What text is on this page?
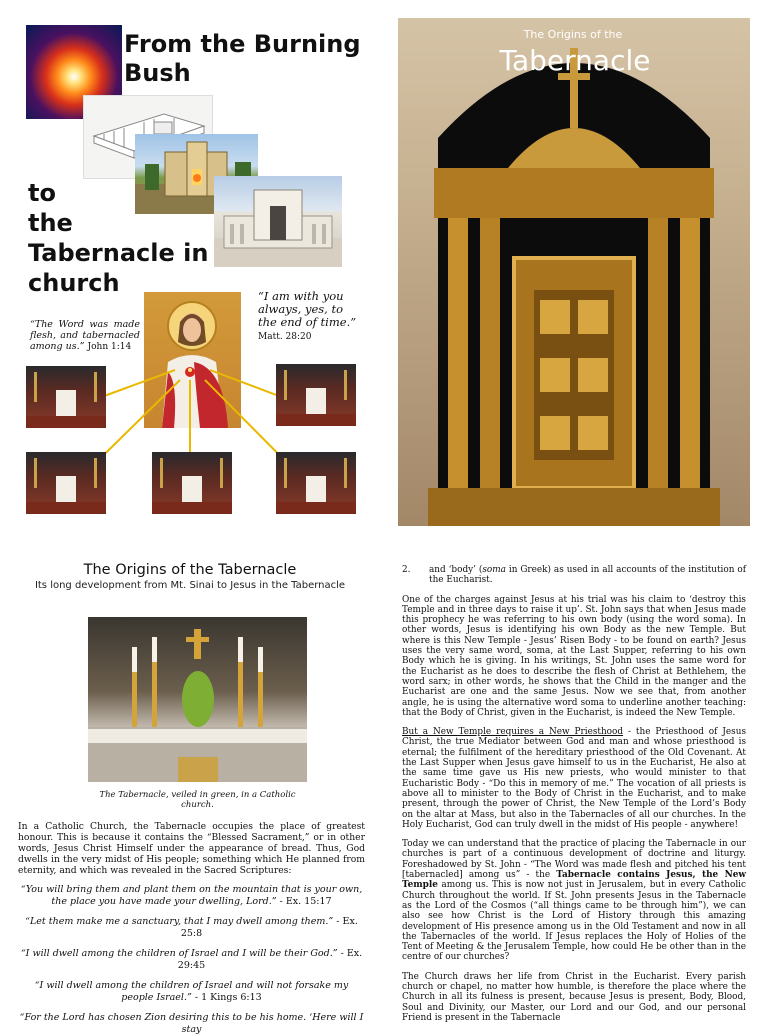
From the Burning
Bush
to
the
Tabernacle in
church	“I am with you always, yes, to the end of time.” Matt. 28:20
“The Word was made flesh, and tabernacled among us.” John 1:14
The Origins of the
Tabernacle
The Origins of the Tabernacle
Its long development from Mt. Sinai to Jesus in the Tabernacle
The Tabernacle, veiled in green, in a Catholic church.

In a Catholic Church, the Tabernacle occupies the place of greatest honour. This is because it contains the “Blessed Sacrament,” or in other words, Jesus Christ Himself under the appearance of bread. Thus, God dwells in the very midst of His people; something which He planned from eternity, and which was revealed in the Sacred Scriptures:

“You will bring them and plant them on the mountain that is your own, the place you have made your dwelling, Lord.” - Ex. 15:17

“Let them make me a sanctuary, that I may dwell among them.” - Ex. 25:8

“I will dwell among the children of Israel and I will be their God.” - Ex. 29:45

“I will dwell among the children of Israel and will not forsake my people Israel.” - 1 Kings 6:13

“For the Lord has chosen Zion desiring this to be his home. ‘Here will I stay

2.	and ‘body’ (soma in Greek) as used in all accounts of the institution of the Eucharist.

One of the charges against Jesus at his trial was his claim to ‘destroy this Temple and in three days to raise it up’. St. John says that when Jesus made this prophecy he was referring to his own body (using the word soma). In other words, Jesus is identifying his own Body as the new Temple. But where is this New Temple - Jesus’ Risen Body - to be found on earth? Jesus uses the very same word, soma, at the Last Supper, referring to his own Body which he is giving. In his writings, St. John uses the same word for the Eucharist as he does to describe the flesh of Christ at Bethlehem, the word sarx; in other words, he shows that the Child in the manger and the Eucharist are one and the same Jesus. Now we see that, from another angle, he is using the alternative word soma to underline another teaching: that the Body of Christ, given in the Eucharist, is indeed the New Temple.

But a New Temple requires a New Priesthood - the Priesthood of Jesus Christ, the true Mediator between God and man and whose priesthood is eternal; the fulfilment of the hereditary priesthood of the Old Covenant. At the Last Supper when Jesus gave himself to us in the Eucharist, He also at the same time gave us His new priests, who would minister to that Eucharistic Body - “Do this in memory of me.” The vocation of all priests is above all to minister to the Body of Christ in the Eucharist, and to make present, through the power of Christ, the New Temple of the Lord’s Body on the altar at Mass, but also in the Tabernacles of all our churches. In the Holy Eucharist, God can truly dwell in the midst of His people - anywhere!

Today we can understand that the practice of placing the Tabernacle in our churches is part of a continuous development of doctrine and liturgy. Foreshadowed by St. John - “The Word was made flesh and pitched his tent [tabernacled] among us” - the Tabernacle contains Jesus, the New Temple among us. This is now not just in Jerusalem, but in every Catholic Church throughout the world. If St. John presents Jesus in the Tabernacle as the Lord of the Cosmos (“all things came to be through him”), we can also see how Christ is the Lord of History through this amazing development of His presence among us in the Old Testament and now in all the Tabernacles of the world. If Jesus replaces the Holy of Holies of the Tent of Meeting & the Jerusalem Temple, how could He be other than in the centre of our churches?

The Church draws her life from Christ in the Eucharist. Every parish church or chapel, no matter how humble, is therefore the place where the Church in all its fulness is present, because Jesus is present, Body, Blood, Soul and Divinity, our Master, our Lord and our God, and our personal Friend is present in the Tabernacle
